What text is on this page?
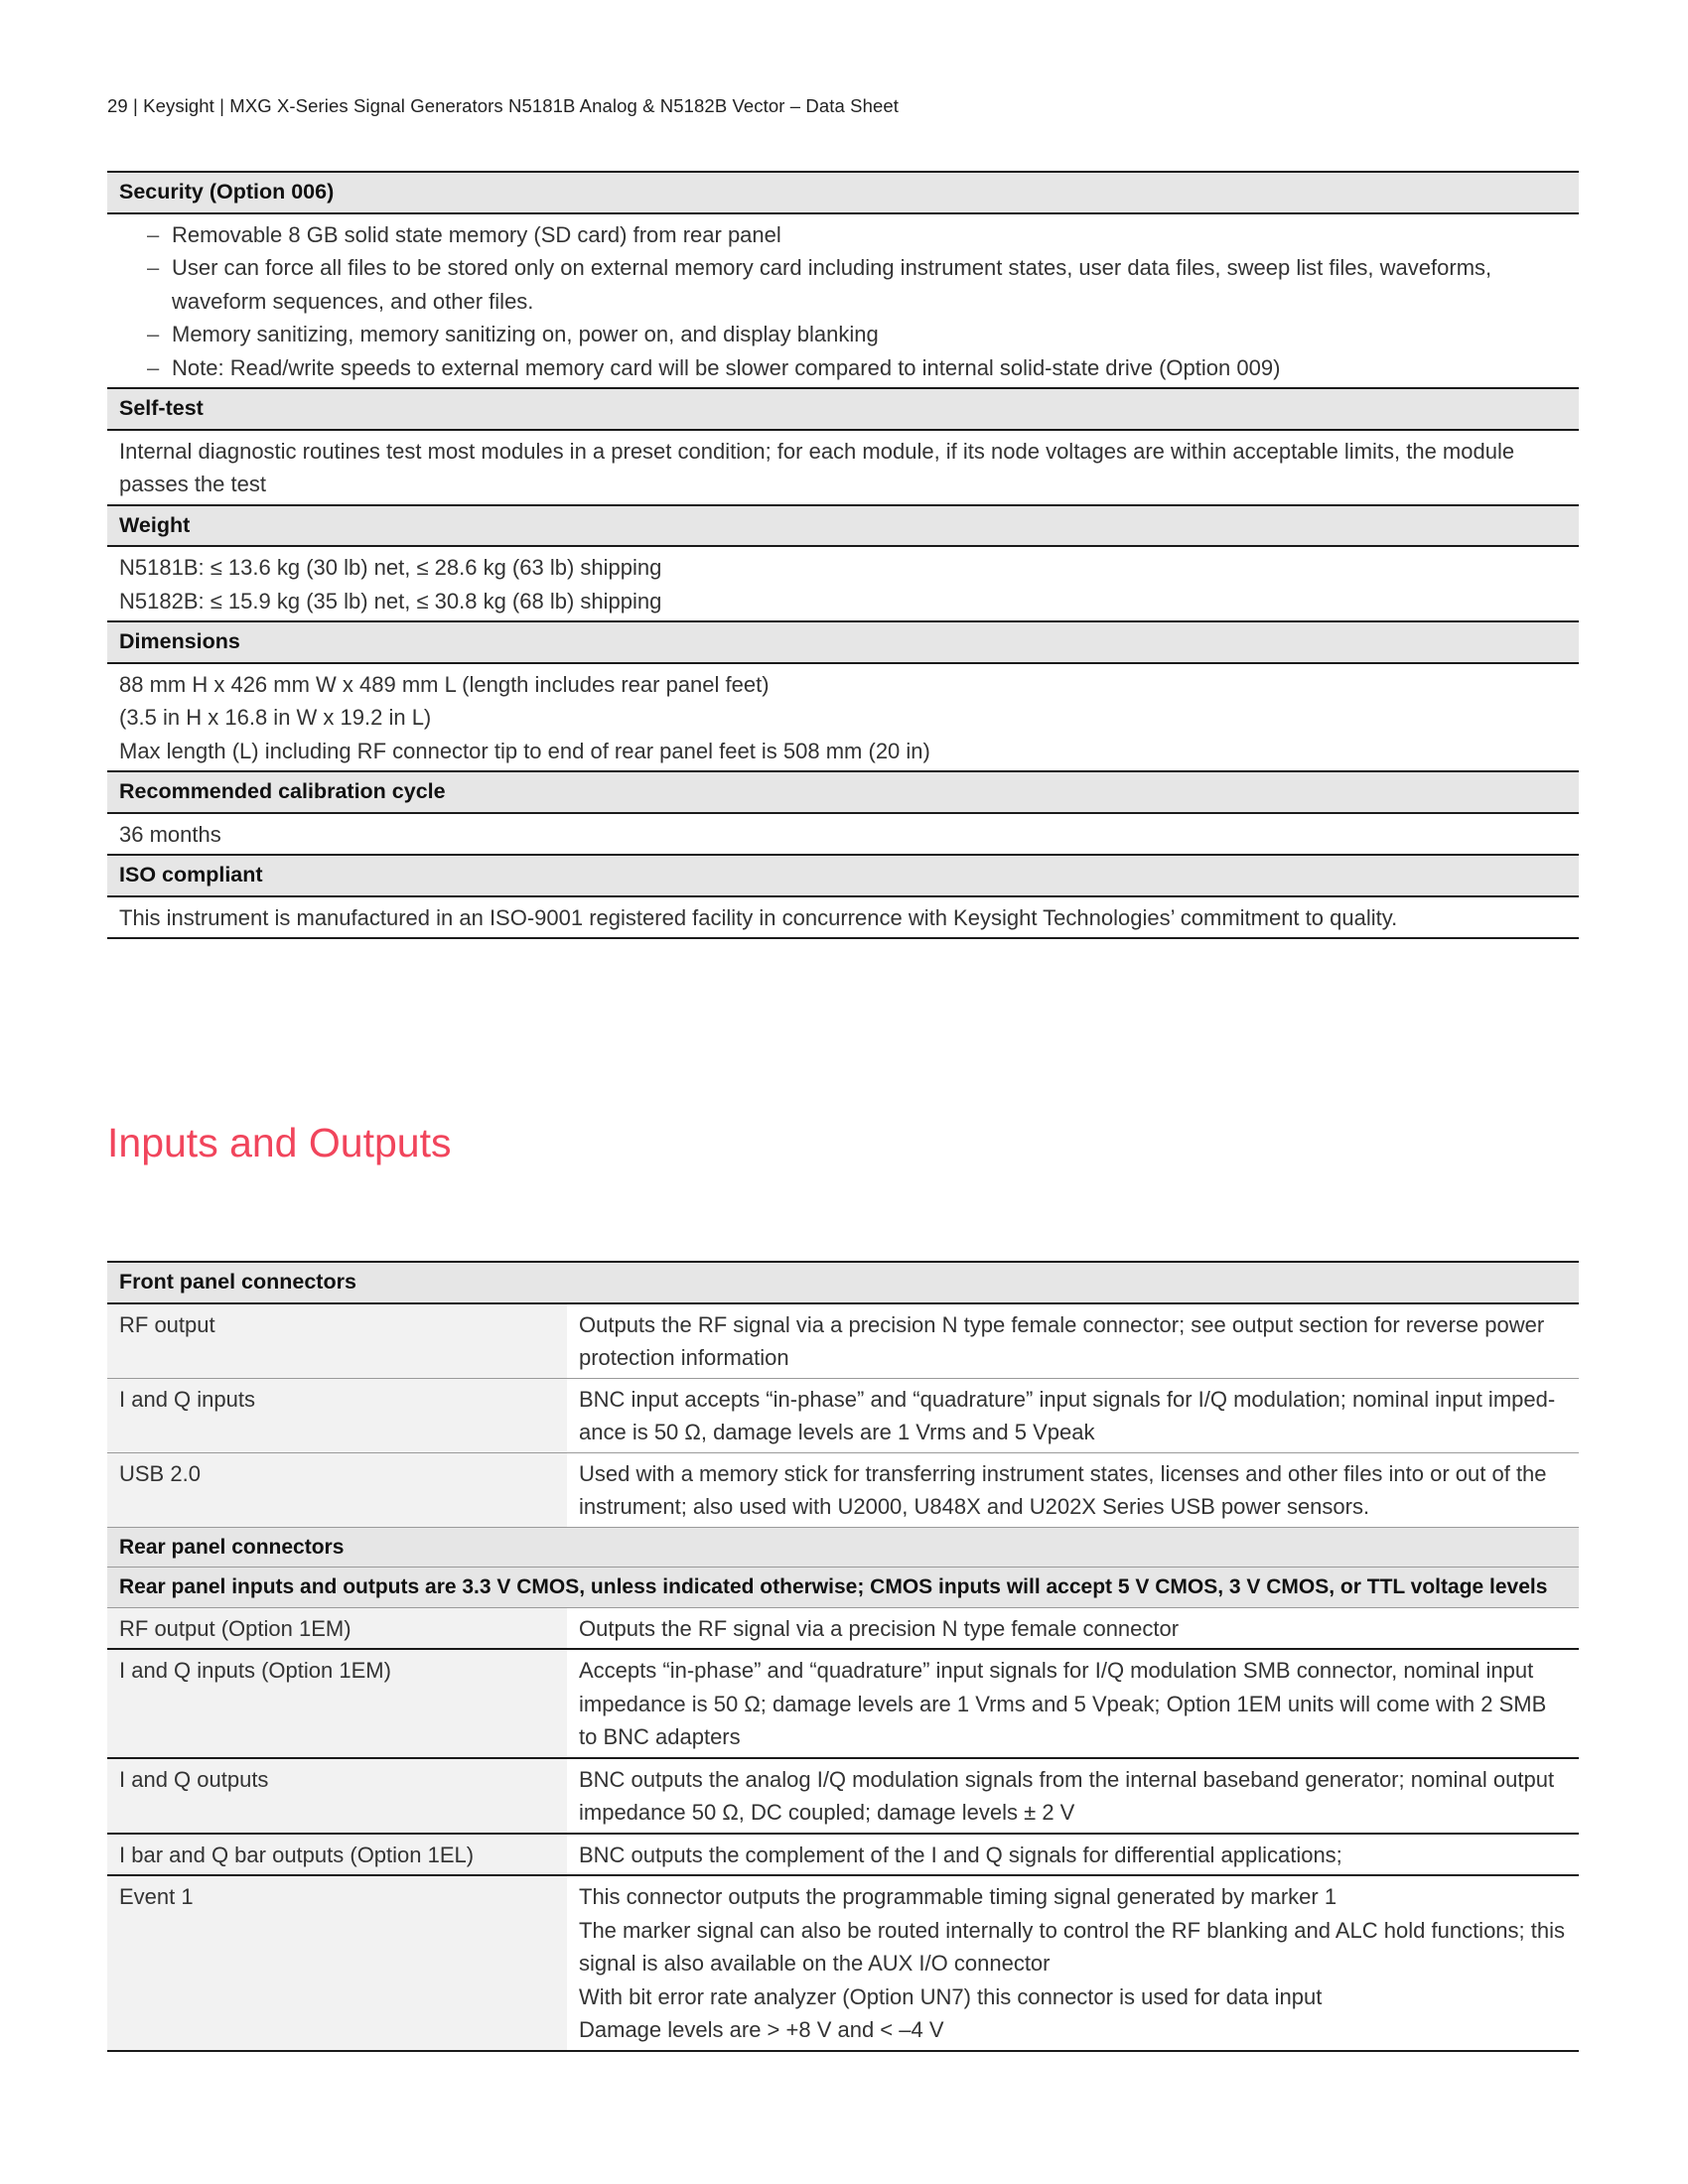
29 | Keysight | MXG X-Series Signal Generators N5181B Analog & N5182B Vector – Data Sheet
Security (Option 006)

– Removable 8 GB solid state memory (SD card) from rear panel
– User can force all files to be stored only on external memory card including instrument states, user data files, sweep list files, waveforms, waveform sequences, and other files.
– Memory sanitizing, memory sanitizing on, power on, and display blanking
– Note: Read/write speeds to external memory card will be slower compared to internal solid-state drive (Option 009)

Self-test
Internal diagnostic routines test most modules in a preset condition; for each module, if its node voltages are within acceptable limits, the module passes the test
Weight

N5181B: ≤ 13.6 kg (30 lb) net, ≤ 28.6 kg (63 lb) shipping
N5182B: ≤ 15.9 kg (35 lb) net, ≤ 30.8 kg (68 lb) shipping

Dimensions

88 mm H x 426 mm W x 489 mm L (length includes rear panel feet)
(3.5 in H x 16.8 in W x 19.2 in L)
Max length (L) including RF connector tip to end of rear panel feet is 508 mm (20 in)

Recommended calibration cycle
36 months
ISO compliant
This instrument is manufactured in an ISO-9001 registered facility in concurrence with Keysight Technologies’ commitment to quality.
Inputs and Outputs
Front panel connectors	
RF output	Outputs the RF signal via a precision N type female connector; see output section for reverse power protection information
I and Q inputs	BNC input accepts “in-phase” and “quadrature” input signals for I/Q modulation; nominal input imped-ance is 50 Ω, damage levels are 1 Vrms and 5 Vpeak
USB 2.0	Used with a memory stick for transferring instrument states, licenses and other files into or out of the instrument; also used with U2000, U848X and U202X Series USB power sensors.
Rear panel connectors	
Rear panel inputs and outputs are 3.3 V CMOS, unless indicated otherwise; CMOS inputs will accept 5 V CMOS, 3 V CMOS, or TTL voltage levels	
RF output (Option 1EM)	Outputs the RF signal via a precision N type female connector
I and Q inputs (Option 1EM)	Accepts “in-phase” and “quadrature” input signals for I/Q modulation SMB connector, nominal input impedance is 50 Ω; damage levels are 1 Vrms and 5 Vpeak; Option 1EM units will come with 2 SMB to BNC adapters
I and Q outputs	BNC outputs the analog I/Q modulation signals from the internal baseband generator; nominal output impedance 50 Ω, DC coupled; damage levels ± 2 V
I bar and Q bar outputs (Option 1EL)	BNC outputs the complement of the I and Q signals for differential applications;
Event 1	This connector outputs the programmable timing signal generated by marker 1
The marker signal can also be routed internally to control the RF blanking and ALC hold functions; this signal is also available on the AUX I/O connector
With bit error rate analyzer (Option UN7) this connector is used for data input
Damage levels are > +8 V and < –4 V
